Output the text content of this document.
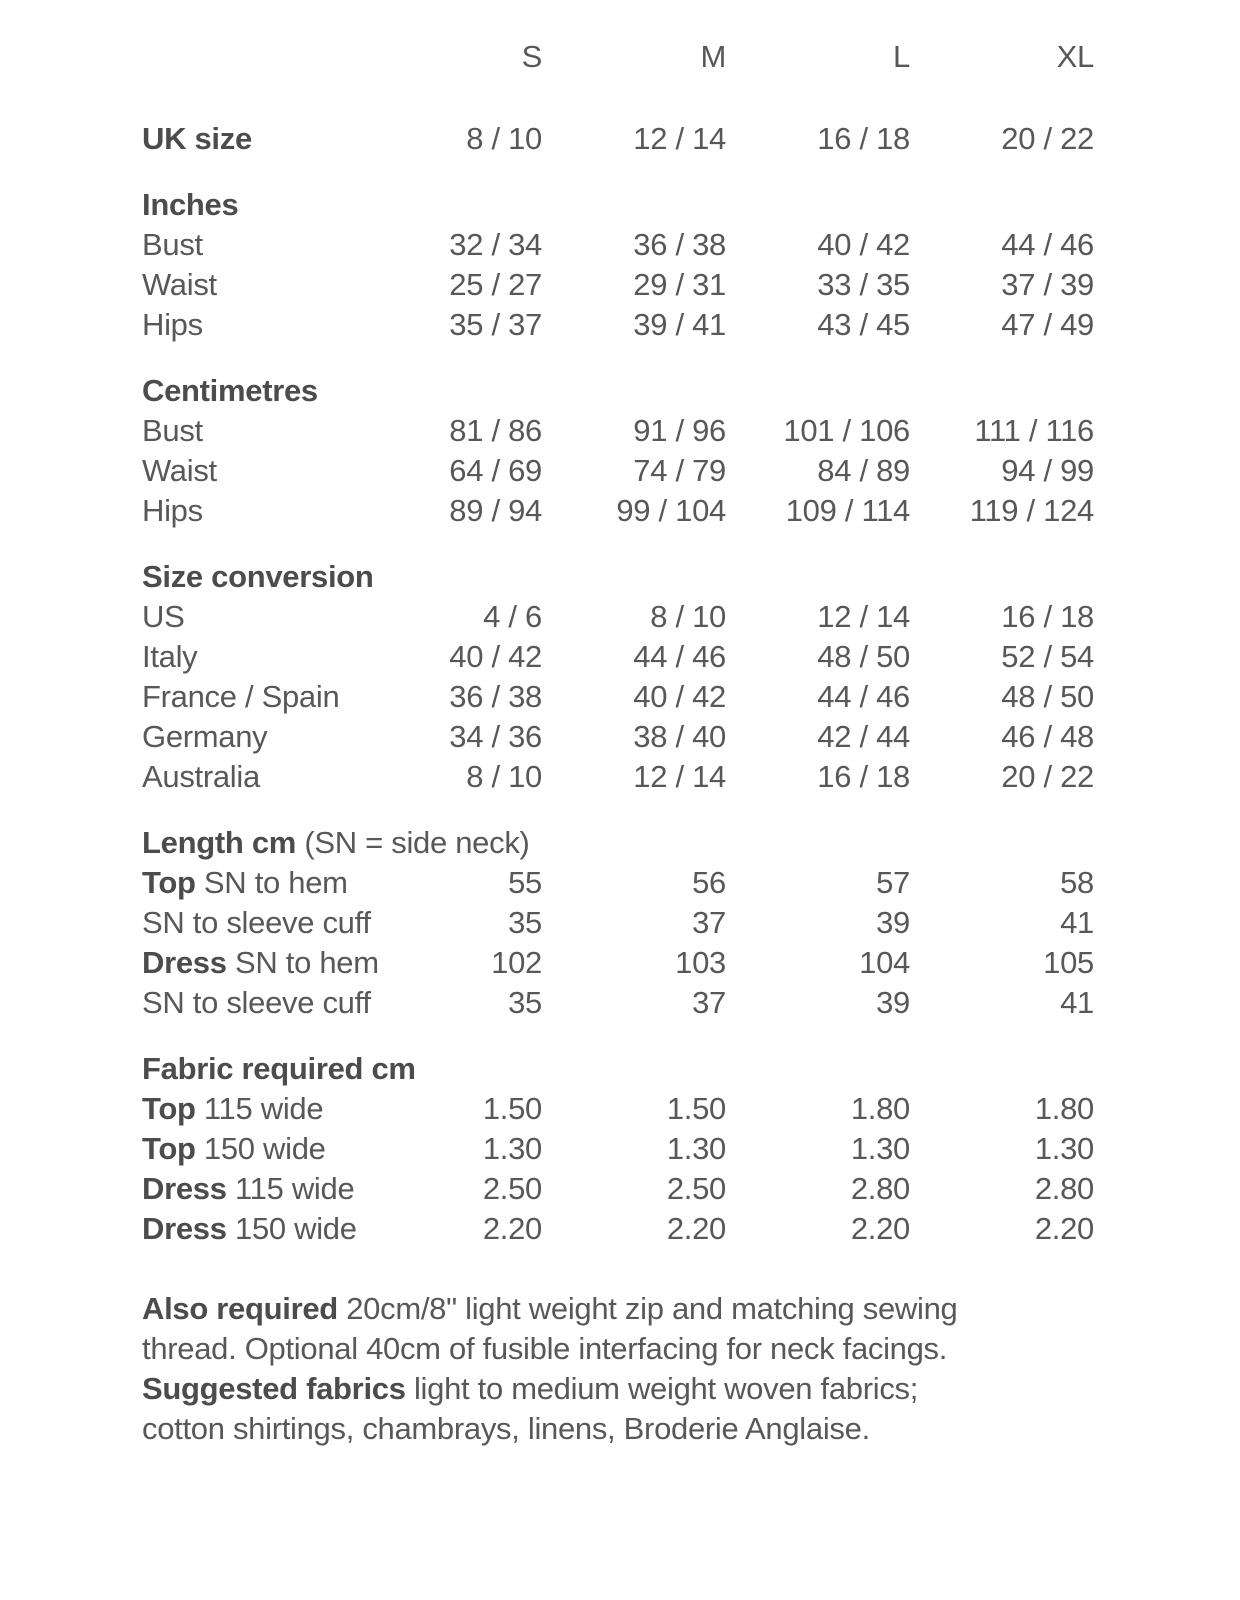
S	M	L	XL
UK size	8 / 10	12 / 14	16 / 18	20 / 22
Inches
Bust	32 / 34	36 / 38	40 / 42	44 / 46
Waist	25 / 27	29 / 31	33 / 35	37 / 39
Hips	35 / 37	39 / 41	43 / 45	47 / 49
Centimetres
Bust	81 / 86	91 / 96	101 / 106	111 / 116
Waist	64 / 69	74 / 79	84 / 89	94 / 99
Hips	89 / 94	99 / 104	109 / 114	119 / 124
Size conversion
US	4 / 6	8 / 10	12 / 14	16 / 18
Italy	40 / 42	44 / 46	48 / 50	52 / 54
France / Spain	36 / 38	40 / 42	44 / 46	48 / 50
Germany	34 / 36	38 / 40	42 / 44	46 / 48
Australia	8 / 10	12 / 14	16 / 18	20 / 22
Length cm (SN = side neck)
Top SN to hem	55	56	57	58
SN to sleeve cuff	35	37	39	41
Dress SN to hem	102	103	104	105
SN to sleeve cuff	35	37	39	41
Fabric required cm
Top 115 wide	1.50	1.50	1.80	1.80
Top 150 wide	1.30	1.30	1.30	1.30
Dress 115 wide	2.50	2.50	2.80	2.80
Dress 150 wide	2.20	2.20	2.20	2.20
Also required 20cm/8" light weight zip and matching sewing
thread. Optional 40cm of fusible interfacing for neck facings.
Suggested fabrics light to medium weight woven fabrics;
cotton shirtings, chambrays, linens, Broderie Anglaise.
